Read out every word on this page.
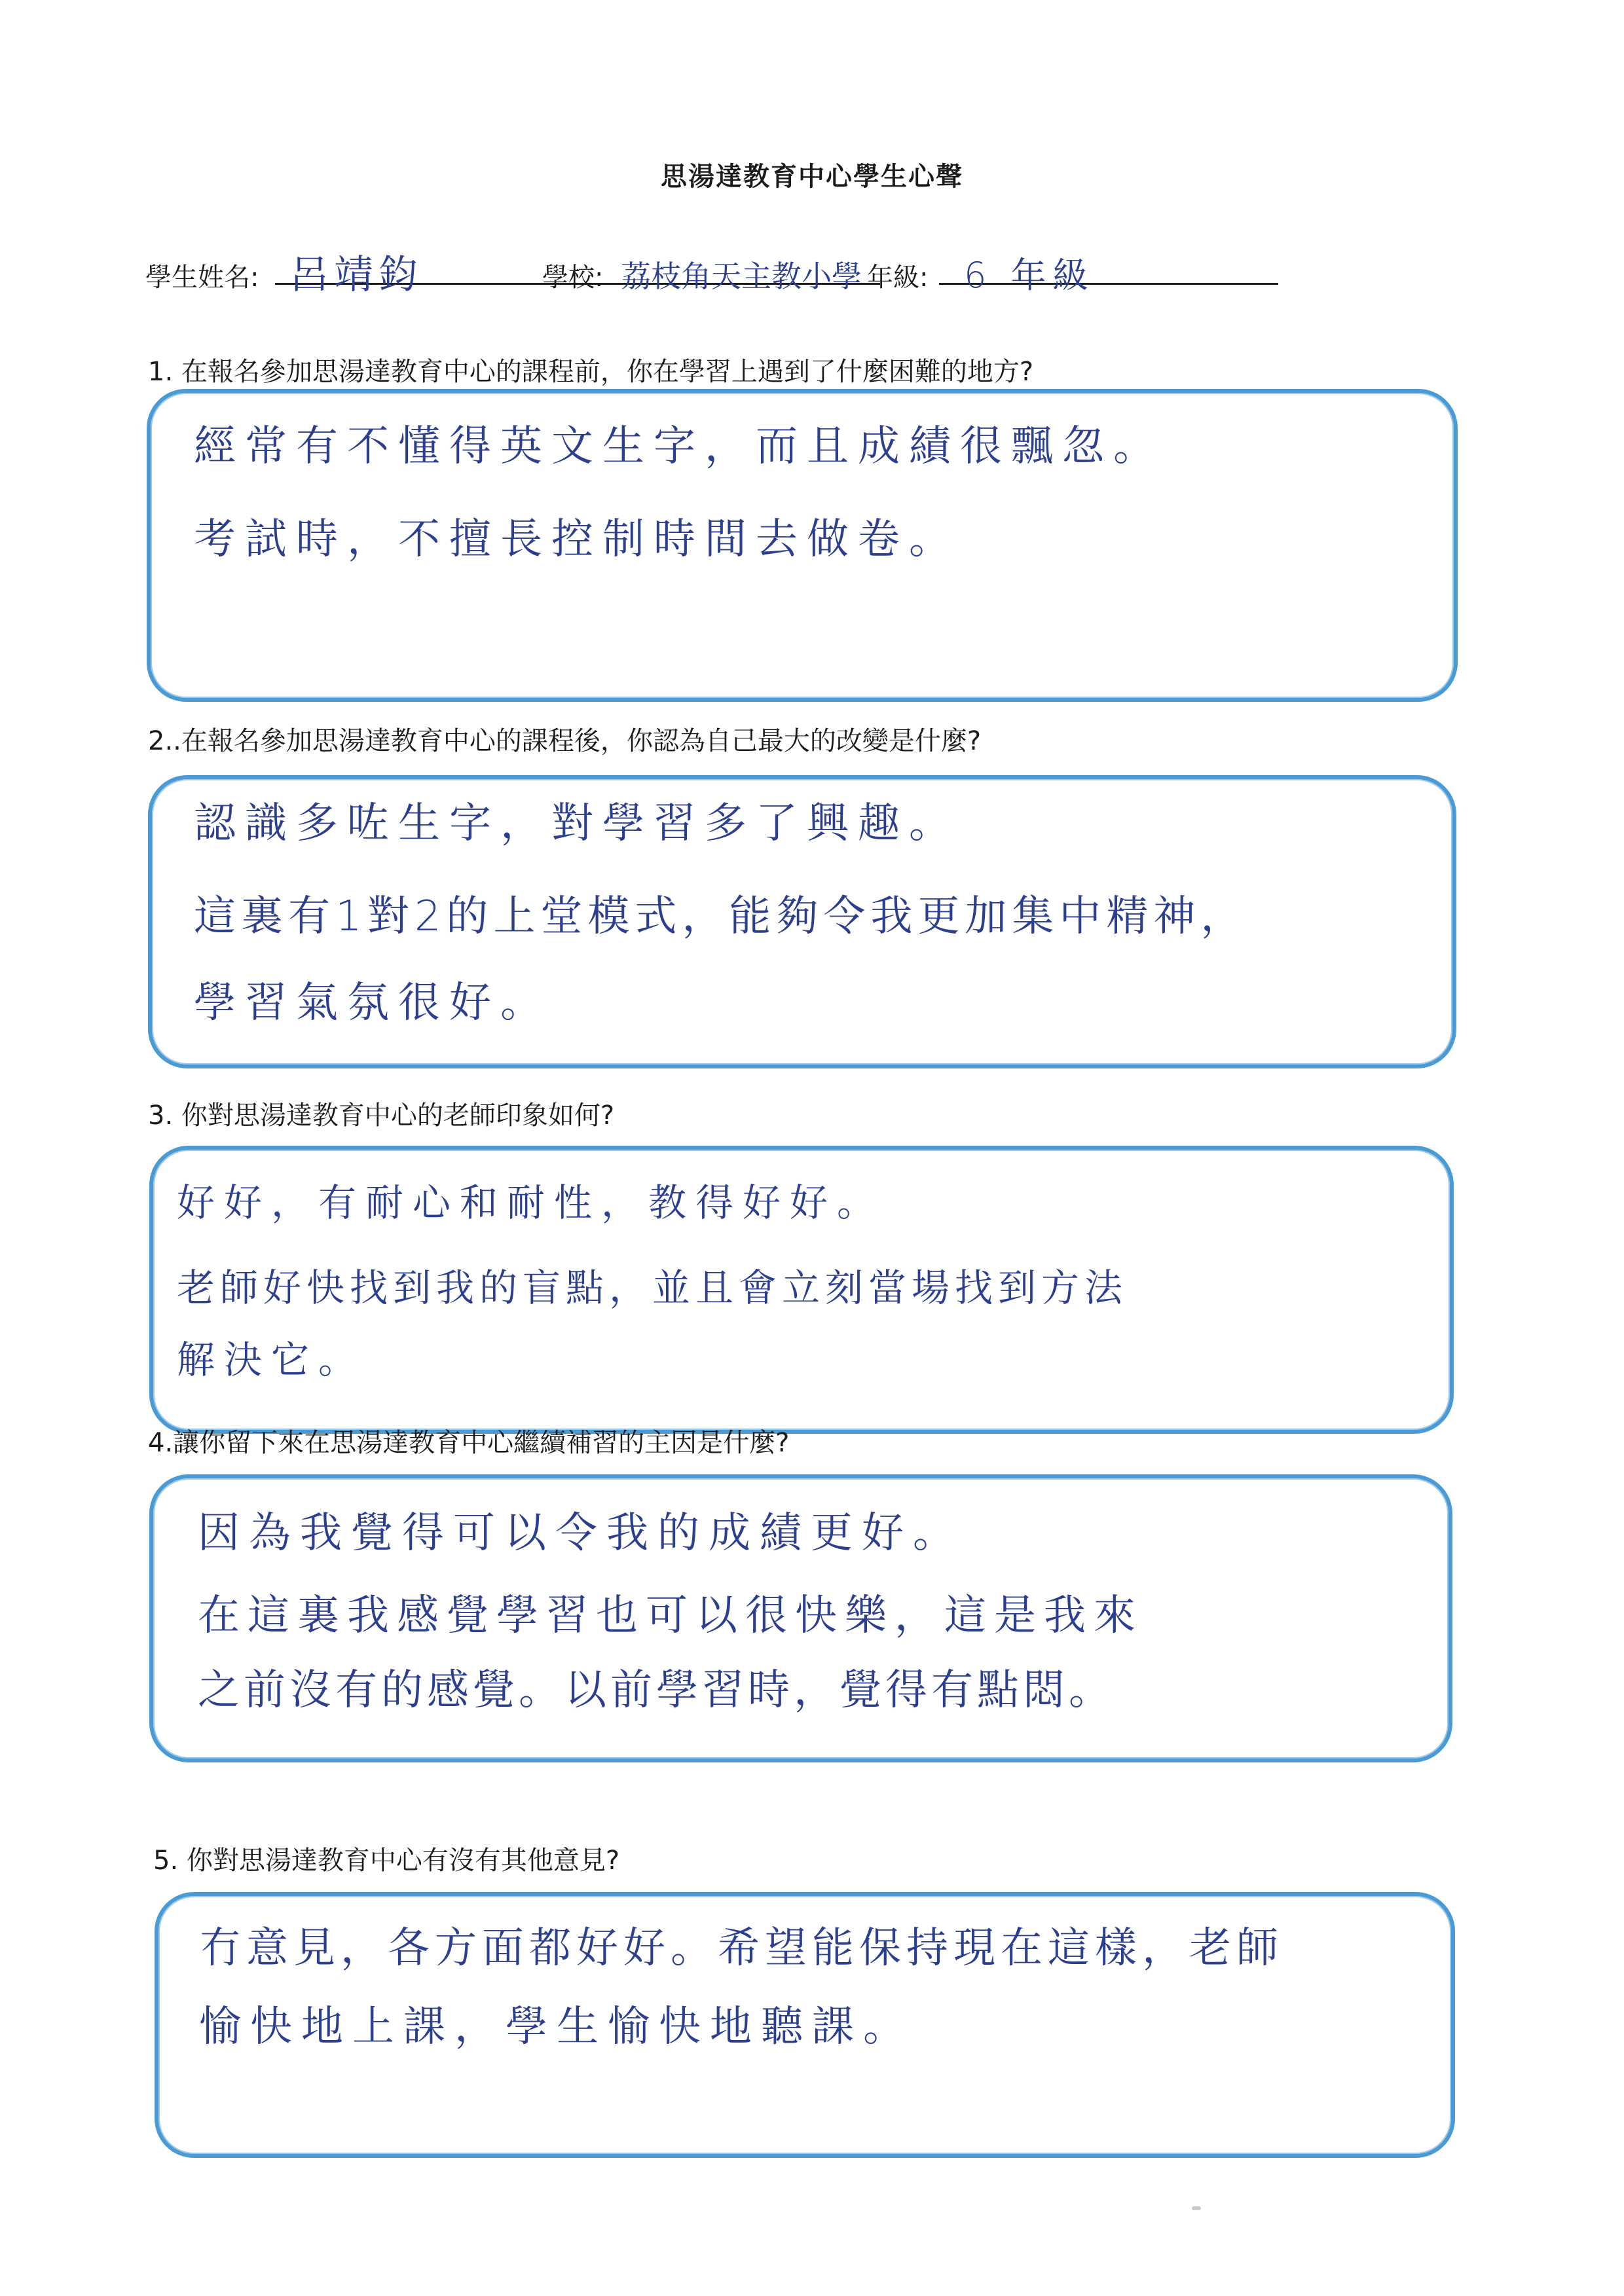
思湯達教育中心學生心聲
學生姓名: 呂靖鈞	學校: 荔枝角天主教小學 年級: 6 年級
1. 在報名參加思湯達教育中心的課程前，你在學習上遇到了什麼困難的地方?
經常有不懂得英文生字，而且成績很飄忽。
考試時，不擅長控制時間去做卷。
2..在報名參加思湯達教育中心的課程後，你認為自己最大的改變是什麼?
認識多咗生字，對學習多了興趣。
這裏有1對2的上堂模式，能夠令我更加集中精神，
學習氣氛很好。
3. 你對思湯達教育中心的老師印象如何?
好好，有耐心和耐性，教得好好。
老師好快找到我的盲點，並且會立刻當場找到方法
解決它。
4.讓你留下來在思湯達教育中心繼續補習的主因是什麼?
因為我覺得可以令我的成績更好。
在這裏我感覺學習也可以很快樂，這是我來
之前沒有的感覺。以前學習時，覺得有點悶。
5. 你對思湯達教育中心有沒有其他意見?
冇意見，各方面都好好。希望能保持現在這樣，老師
愉快地上課，學生愉快地聽課。
